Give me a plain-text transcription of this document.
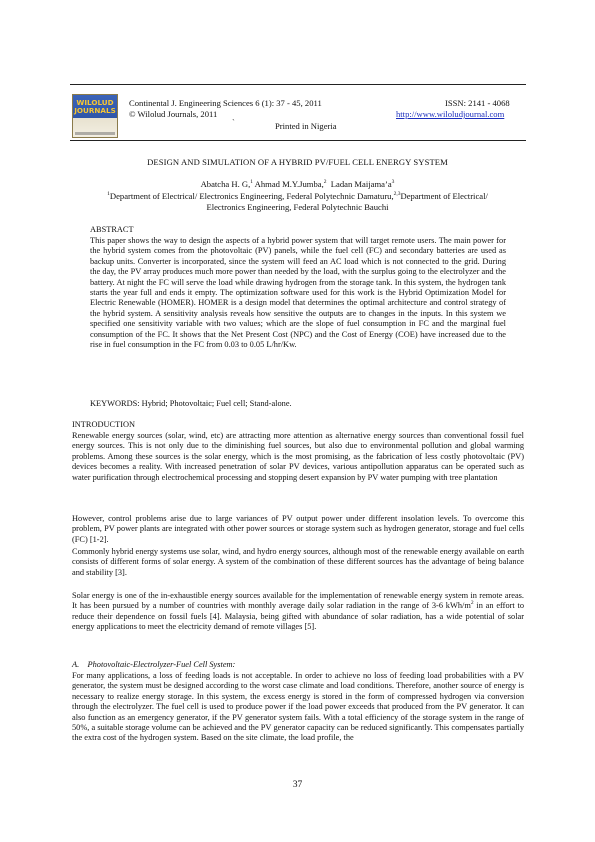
WILOLUD
JOURNALS
Continental J. Engineering Sciences 6 (1): 37 - 45, 2011
© Wilolud Journals, 2011
`
ISSN: 2141 - 4068
http://www.wiloludjournal.com
Printed in Nigeria
DESIGN AND SIMULATION OF A HYBRID PV/FUEL CELL ENERGY SYSTEM
Abatcha H. G,$^1$ Ahmad M.Y.Jumba,$^2$ Ladan $Maijama’a^3$
$^1$Department of Electrical/ Electronics Engineering, Federal Polytechnic Damaturu,$^{2,3}$Department of Electrical/
Electronics Engineering, Federal Polytechnic Bauchi
ABSTRACT

This paper shows the way to design the aspects of a hybrid power system that will target remote users. The main power for the hybrid system comes from the photovoltaic (PV) panels, while the fuel cell (FC) and secondary batteries are used as backup units. Converter is incorporated, since the system will feed an AC load which is not connected to the grid. During the day, the PV array produces much more power than needed by the load, with the surplus going to the electrolyzer and the battery. At night the FC will serve the load while drawing hydrogen from the storage tank. In this system, the hydrogen tank starts the year full and ends it empty. The optimization software used for this work is the Hybrid Optimization Model for Electric Renewable (HOMER). HOMER is a design model that determines the optimal architecture and control strategy of the hybrid system. A sensitivity analysis reveals how sensitive the outputs are to changes in the inputs. In this system we specified one sensitivity variable with two values; which are the slope of fuel consumption in FC and the marginal fuel consumption of the FC. It shows that the Net Present Cost (NPC) and the Cost of Energy (COE) have increased due to the rise in fuel consumption in the FC from 0.03 to 0.05 L/hr/Kw.

KEYWORDS: Hybrid; Photovoltaic; Fuel cell; Stand-alone.
INTRODUCTION

Renewable energy sources (solar, wind, etc) are attracting more attention as alternative energy sources than conventional fossil fuel energy sources. This is not only due to the diminishing fuel sources, but also due to environmental pollution and global warming problems. Among these sources is the solar energy, which is the most promising, as the fabrication of less costly photovoltaic (PV) devices becomes a reality. With increased penetration of solar PV devices, various antipollution apparatus can be operated such as water purification through electrochemical processing and stopping desert expansion by PV water pumping with tree plantation

However, control problems arise due to large variances of PV output power under different insolation levels. To overcome this problem, PV power plants are integrated with other power sources or storage system such as hydrogen generator, storage and fuel cells (FC) [1-2].

Commonly hybrid energy systems use solar, wind, and hydro energy sources, although most of the renewable energy available on earth consists of different forms of solar energy. A system of the combination of these different sources has the advantage of being balance and stability [3].

Solar energy is one of the in-exhaustible energy sources available for the implementation of renewable energy system in remote areas. It has been pursued by a number of countries with monthly average daily solar radiation in the range of 3-6 kWh/$m^2$ in an effort to reduce their dependence on fossil fuels [4]. Malaysia, being gifted with abundance of solar radiation, has a wide potential of solar energy applications to meet the electricity demand of remote villages [5].

A.    Photovoltaic-Electrolyzer-Fuel Cell System:

For many applications, a loss of feeding loads is not acceptable. In order to achieve no loss of feeding load probabilities with a PV generator, the system must be designed according to the worst case climate and load conditions. Therefore, another source of energy is necessary to realize energy storage. In this system, the excess energy is stored in the form of compressed hydrogen via conversion through the electrolyzer. The fuel cell is used to produce power if the load power exceeds that produced from the PV generator. It can also function as an emergency generator, if the PV generator system fails. With a total efficiency of the storage system in the range of 50%, a suitable storage volume can be achieved and the PV generator capacity can be reduced significantly. This compensates partially the extra cost of the hydrogen system. Based on the site climate, the load profile, the

37
